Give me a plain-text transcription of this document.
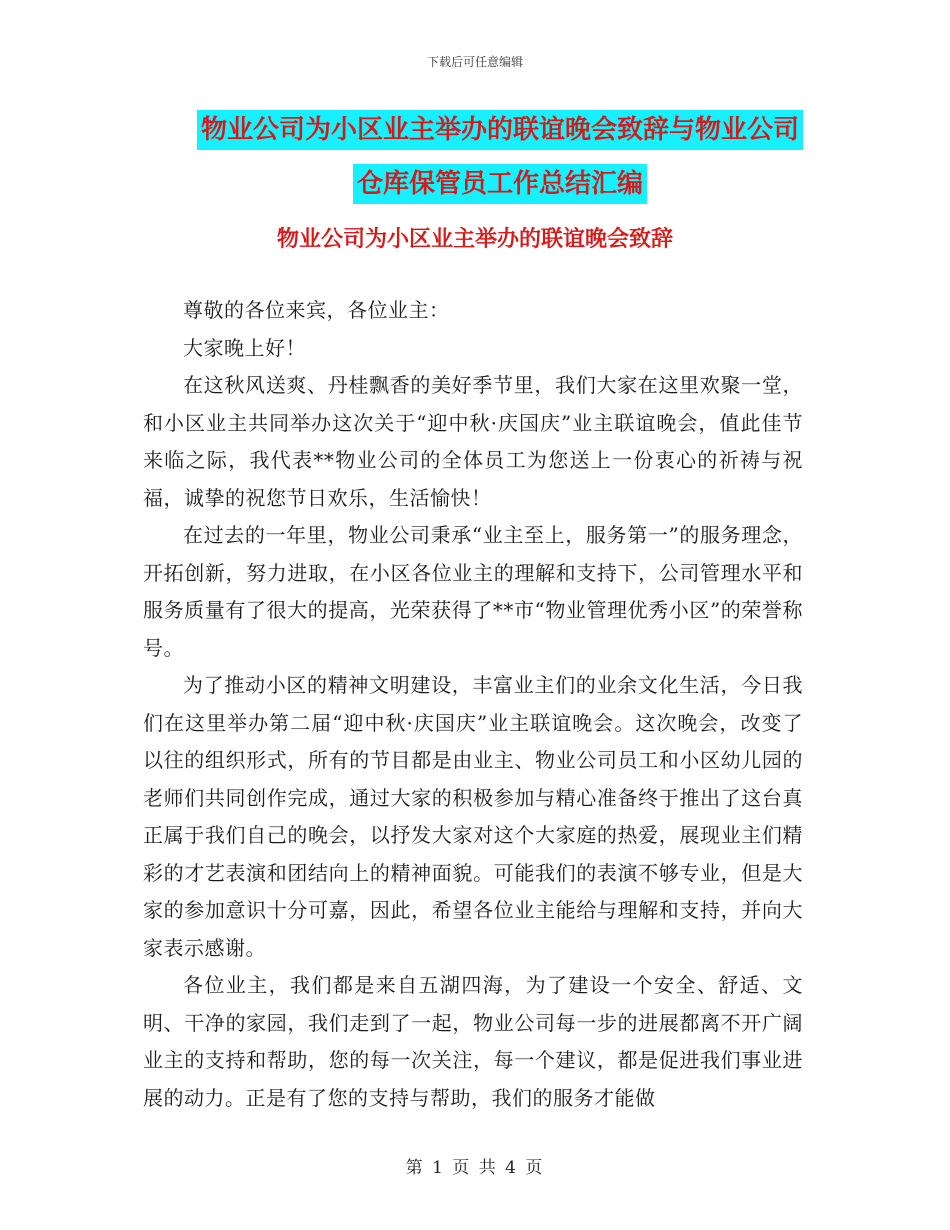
下载后可任意编辑
物业公司为小区业主举办的联谊晚会致辞与物业公司
仓库保管员工作总结汇编
物业公司为小区业主举办的联谊晚会致辞

尊敬的各位来宾，各位业主：

大家晚上好！

在这秋风送爽、丹桂飘香的美好季节里，我们大家在这里欢聚一堂，和小区业主共同举办这次关于“迎中秋·庆国庆”业主联谊晚会，值此佳节来临之际，我代表**物业公司的全体员工为您送上一份衷心的祈祷与祝福，诚挚的祝您节日欢乐，生活愉快！

在过去的一年里，物业公司秉承“业主至上，服务第一”的服务理念，开拓创新，努力进取，在小区各位业主的理解和支持下，公司管理水平和服务质量有了很大的提高，光荣获得了**市“物业管理优秀小区”的荣誉称号。

为了推动小区的精神文明建设，丰富业主们的业余文化生活，今日我们在这里举办第二届“迎中秋·庆国庆”业主联谊晚会。这次晚会，改变了以往的组织形式，所有的节目都是由业主、物业公司员工和小区幼儿园的老师们共同创作完成，通过大家的积极参加与精心准备终于推出了这台真正属于我们自己的晚会，以抒发大家对这个大家庭的热爱，展现业主们精彩的才艺表演和团结向上的精神面貌。可能我们的表演不够专业，但是大家的参加意识十分可嘉，因此，希望各位业主能给与理解和支持，并向大家表示感谢。

各位业主，我们都是来自五湖四海，为了建设一个安全、舒适、文明、干净的家园，我们走到了一起，物业公司每一步的进展都离不开广阔业主的支持和帮助，您的每一次关注，每一个建议，都是促进我们事业进展的动力。正是有了您的支持与帮助，我们的服务才能做

第 1 页 共 4 页
